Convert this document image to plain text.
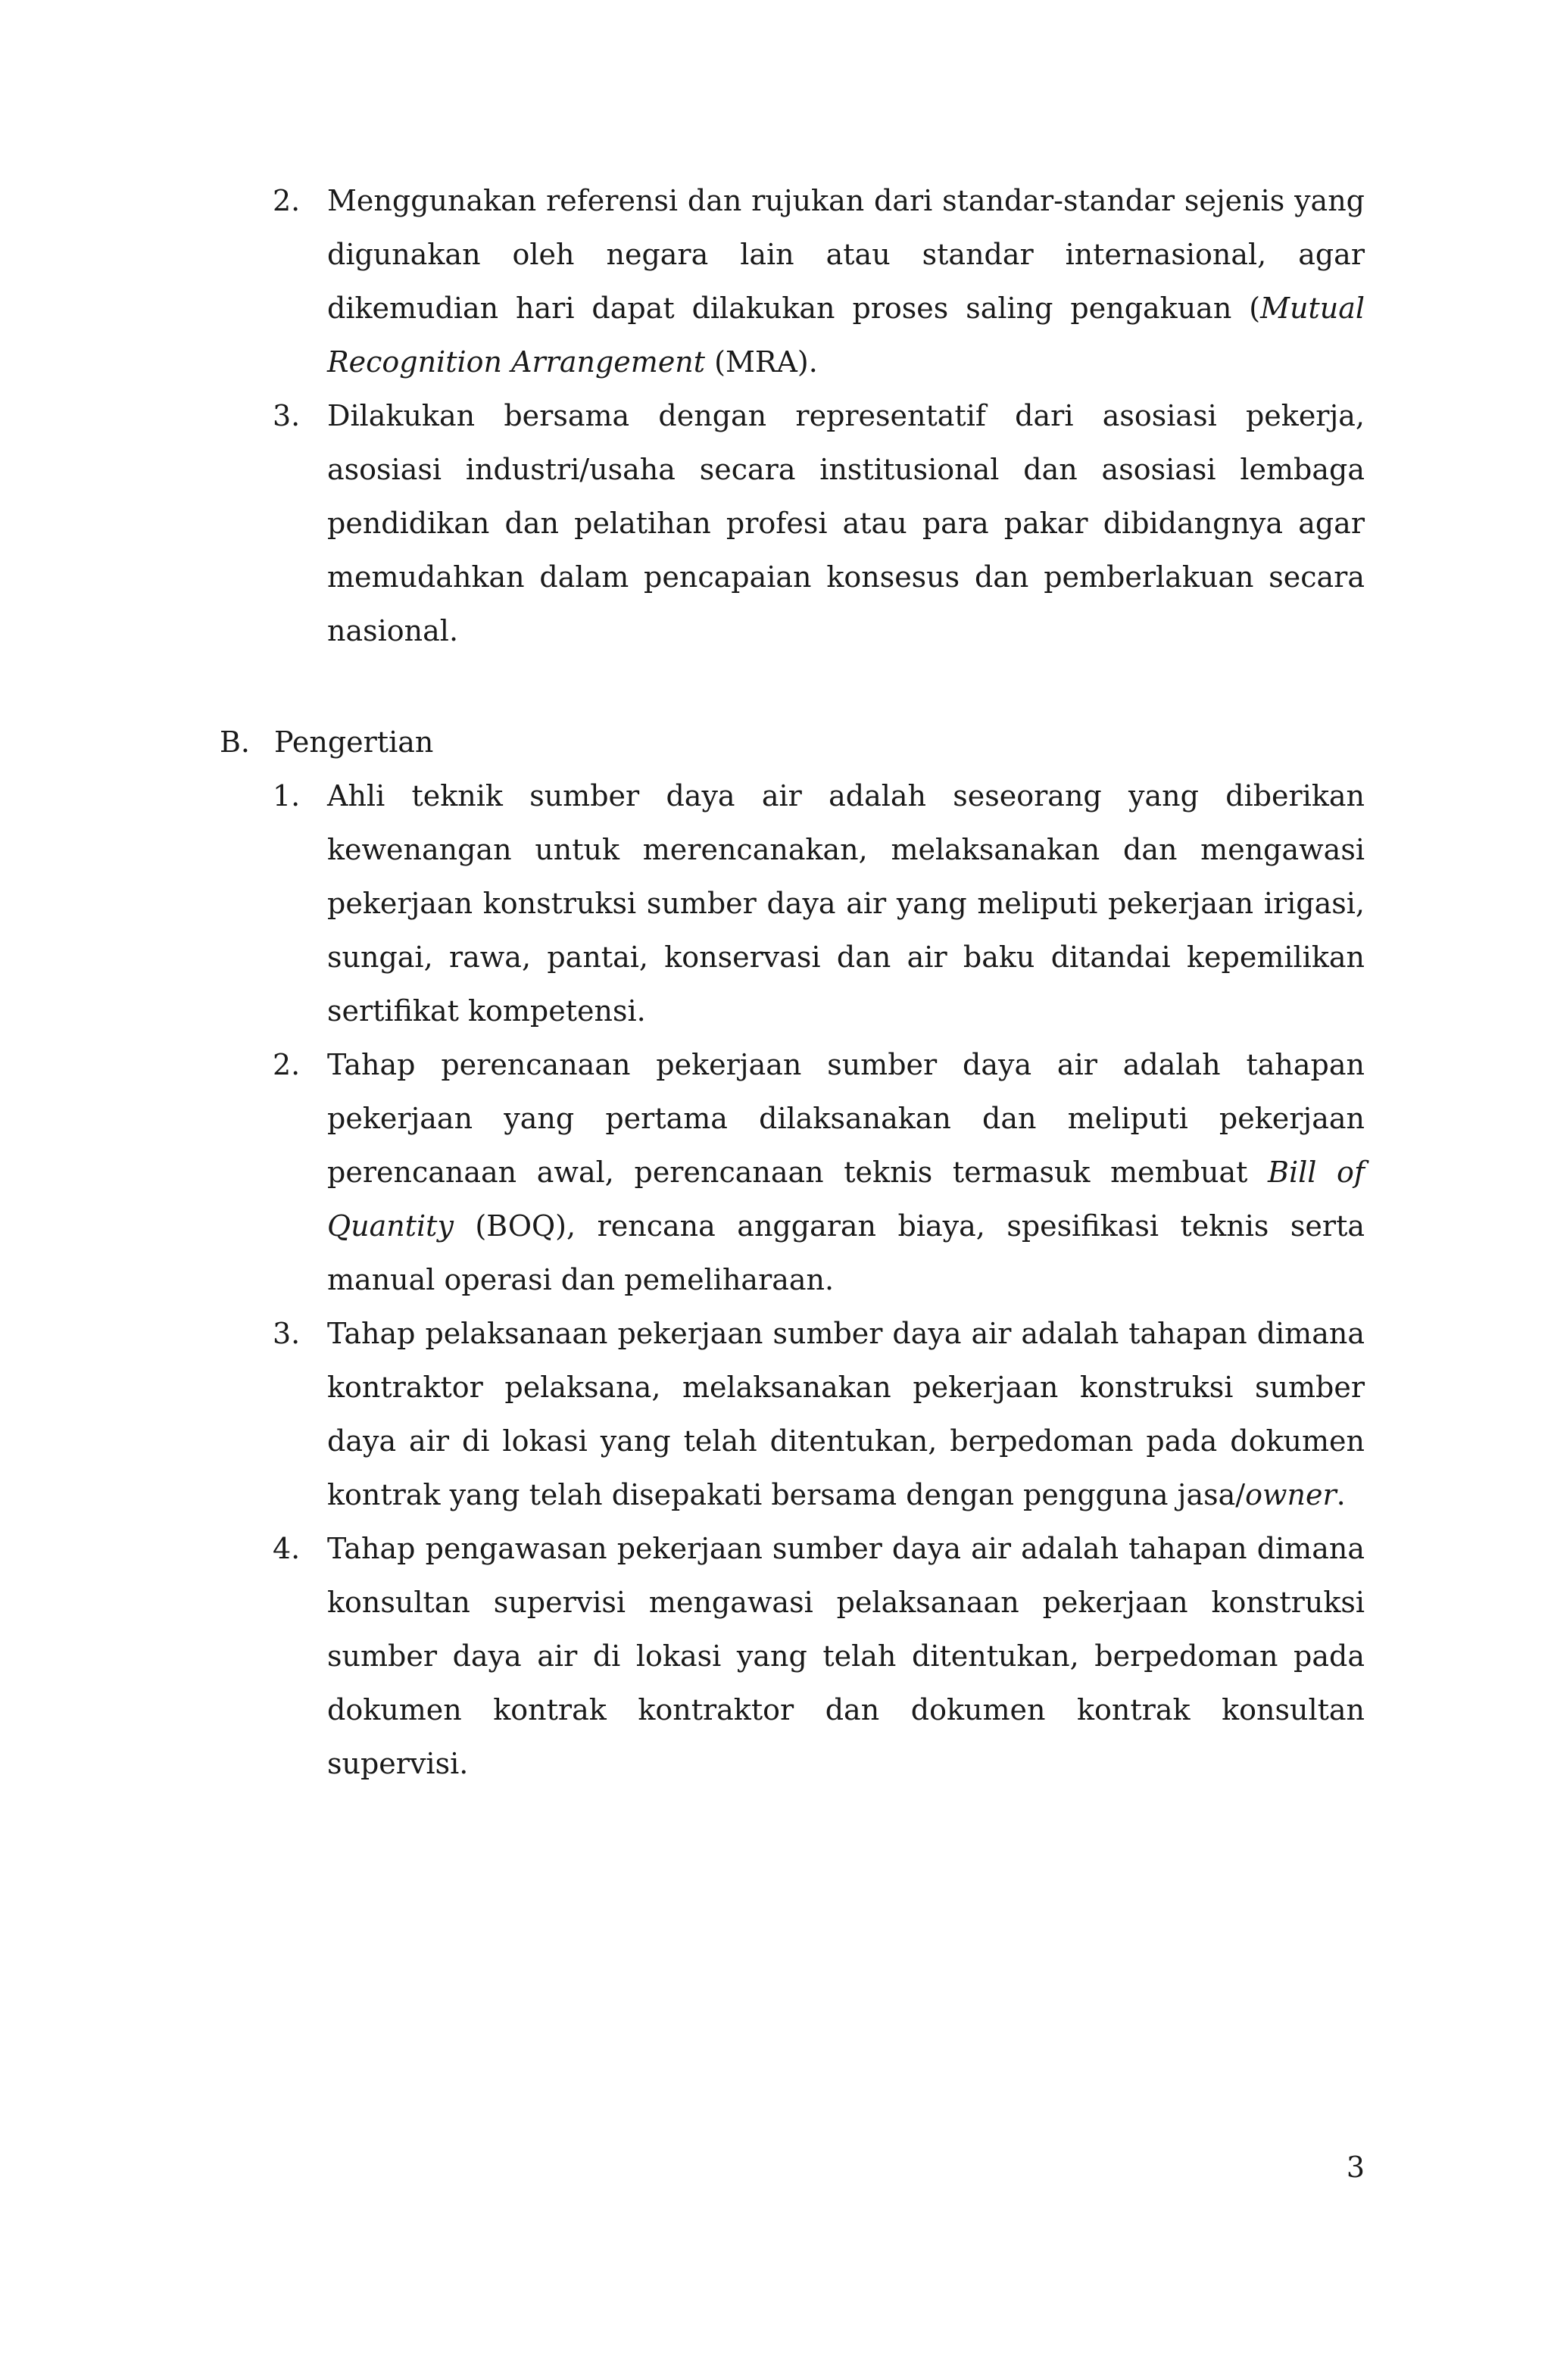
2. Menggunakan referensi dan rujukan dari standar-standar sejenis yang digunakan oleh negara lain atau standar internasional, agar dikemudian hari dapat dilakukan proses saling pengakuan (Mutual Recognition Arrangement (MRA).
3. Dilakukan bersama dengan representatif dari asosiasi pekerja, asosiasi industri/usaha secara institusional dan asosiasi lembaga pendidikan dan pelatihan profesi atau para pakar dibidangnya agar memudahkan dalam pencapaian konsesus dan pemberlakuan secara nasional.
B. Pengertian
1. Ahli teknik sumber daya air adalah seseorang yang diberikan kewenangan untuk merencanakan, melaksanakan dan mengawasi pekerjaan konstruksi sumber daya air yang meliputi pekerjaan irigasi, sungai, rawa, pantai, konservasi dan air baku ditandai kepemilikan sertifikat kompetensi.
2. Tahap perencanaan pekerjaan sumber daya air adalah tahapan pekerjaan yang pertama dilaksanakan dan meliputi pekerjaan perencanaan awal, perencanaan teknis termasuk membuat Bill of Quantity (BOQ), rencana anggaran biaya, spesifikasi teknis serta manual operasi dan pemeliharaan.
3. Tahap pelaksanaan pekerjaan sumber daya air adalah tahapan dimana kontraktor pelaksana, melaksanakan pekerjaan konstruksi sumber daya air di lokasi yang telah ditentukan, berpedoman pada dokumen kontrak yang telah disepakati bersama dengan pengguna jasa/owner.
4. Tahap pengawasan pekerjaan sumber daya air adalah tahapan dimana konsultan supervisi mengawasi pelaksanaan pekerjaan konstruksi sumber daya air di lokasi yang telah ditentukan, berpedoman pada dokumen kontrak kontraktor dan dokumen kontrak konsultan supervisi.
3
